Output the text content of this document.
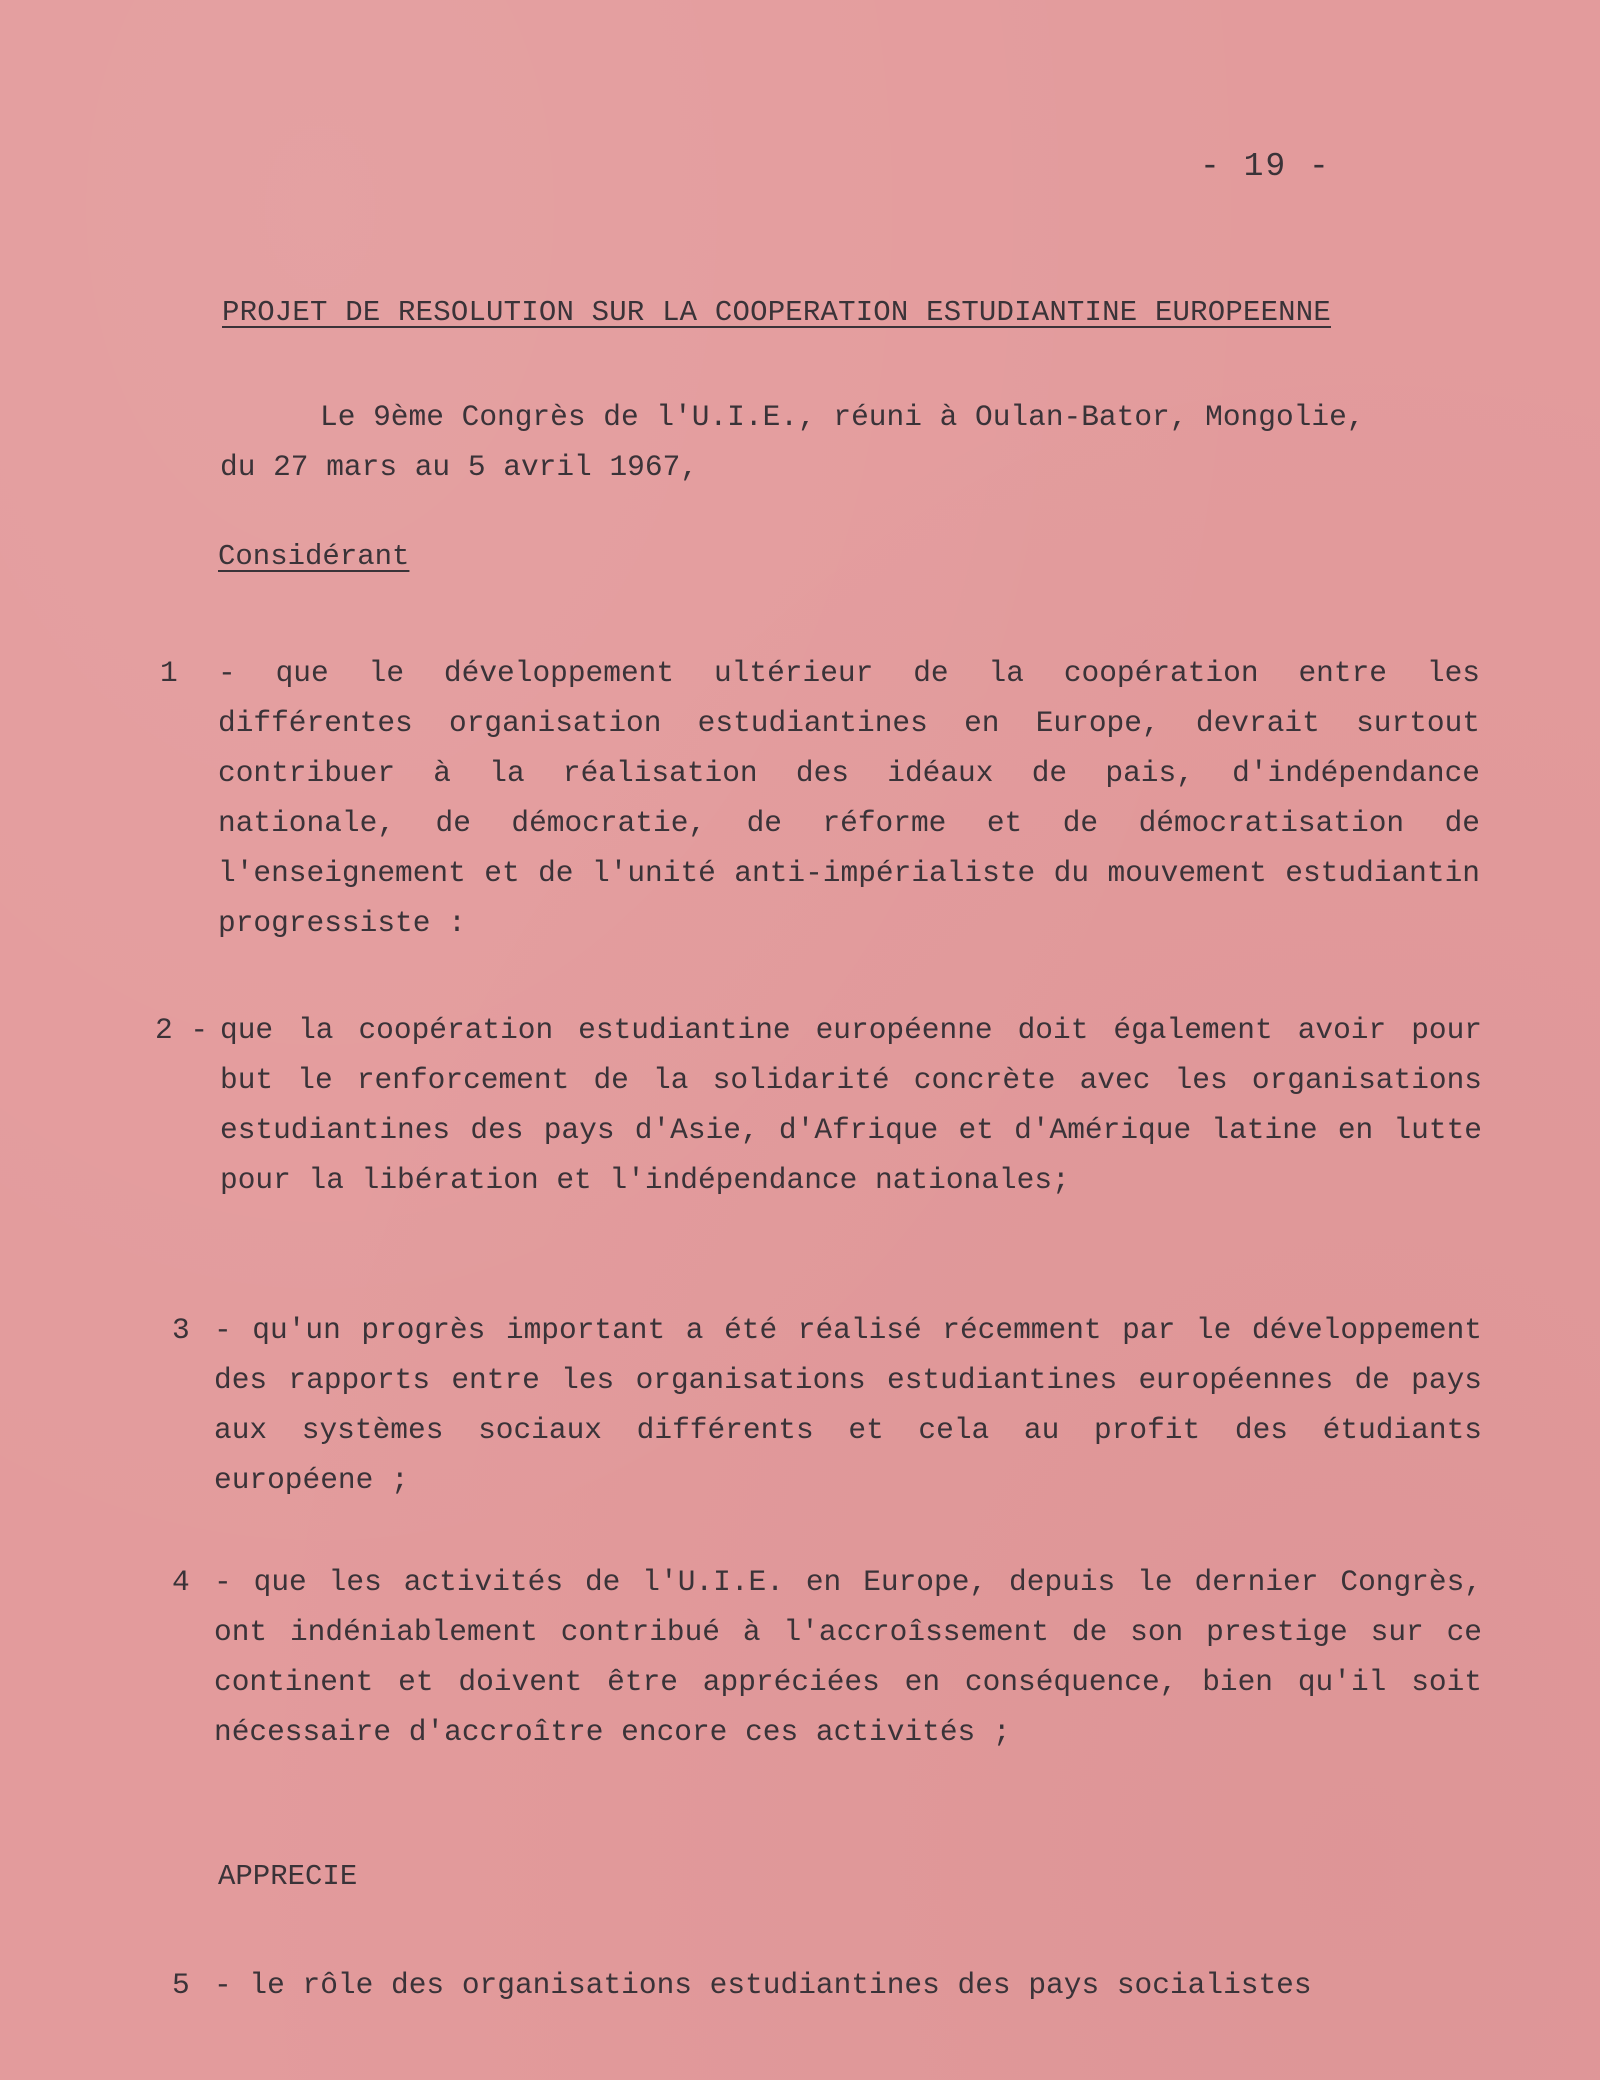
- 19 -
PROJET DE RESOLUTION SUR LA COOPERATION ESTUDIANTINE EUROPEENNE
Le 9ème Congrès de l'U.I.E., réuni à Oulan-Bator, Mongolie,
du 27 mars au 5 avril 1967,
Considérant
1 - que le développement ultérieur de la coopération entre les différentes organisation estudiantines en Europe, devrait surtout contribuer à la réalisation des idéaux de pais, d'indépendance nationale, de démocratie, de réforme et de démocratisation de l'enseignement et de l'unité anti-impérialiste du mouvement estudiantin progressiste :
2 - que la coopération estudiantine européenne doit également avoir pour but le renforcement de la solidarité concrète avec les organisations estudiantines des pays d'Asie, d'Afrique et d'Amérique latine en lutte pour la libération et l'indépendance nationales;
3 - qu'un progrès important a été réalisé récemment par le développement des rapports entre les organisations estudiantines européennes de pays aux systèmes sociaux différents et cela au profit des étudiants européene ;
4 - que les activités de l'U.I.E. en Europe, depuis le dernier Congrès, ont indéniablement contribué à l'accroîssement de son prestige sur ce continent et doivent être appréciées en conséquence, bien qu'il soit nécessaire d'accroître encore ces activités ;
APPRECIE
5 - le rôle des organisations estudiantines des pays socialistes
